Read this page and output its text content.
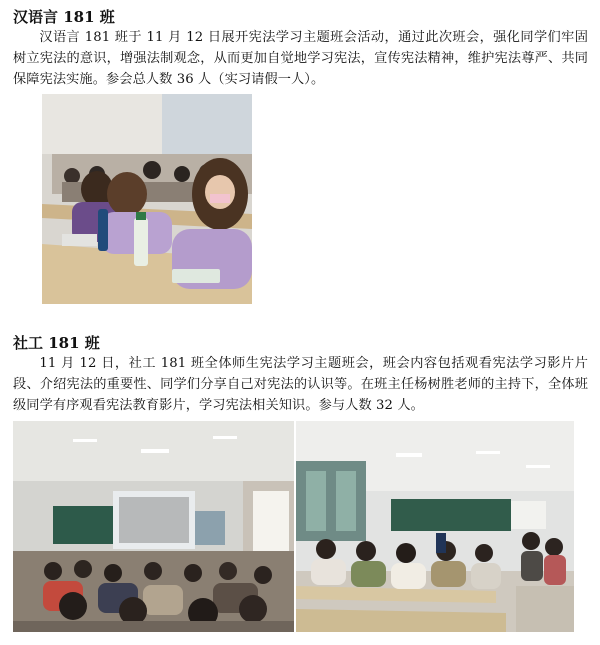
汉语言 181 班
汉语言 181 班于 11 月 12 日展开宪法学习主题班会活动，通过此次班会，强化同学们牢固树立宪法的意识，增强法制观念，从而更加自觉地学习宪法，宣传宪法精神，维护宪法尊严、共同保障宪法实施。参会总人数 36 人（实习请假一人）。
社工 181 班
11 月 12 日，社工 181 班全体师生宪法学习主题班会，班会内容包括观看宪法学习影片片段、介绍宪法的重要性、同学们分享自己对宪法的认识等。在班主任杨树胜老师的主持下，全体班级同学有序观看宪法教育影片，学习宪法相关知识。参与人数 32 人。
